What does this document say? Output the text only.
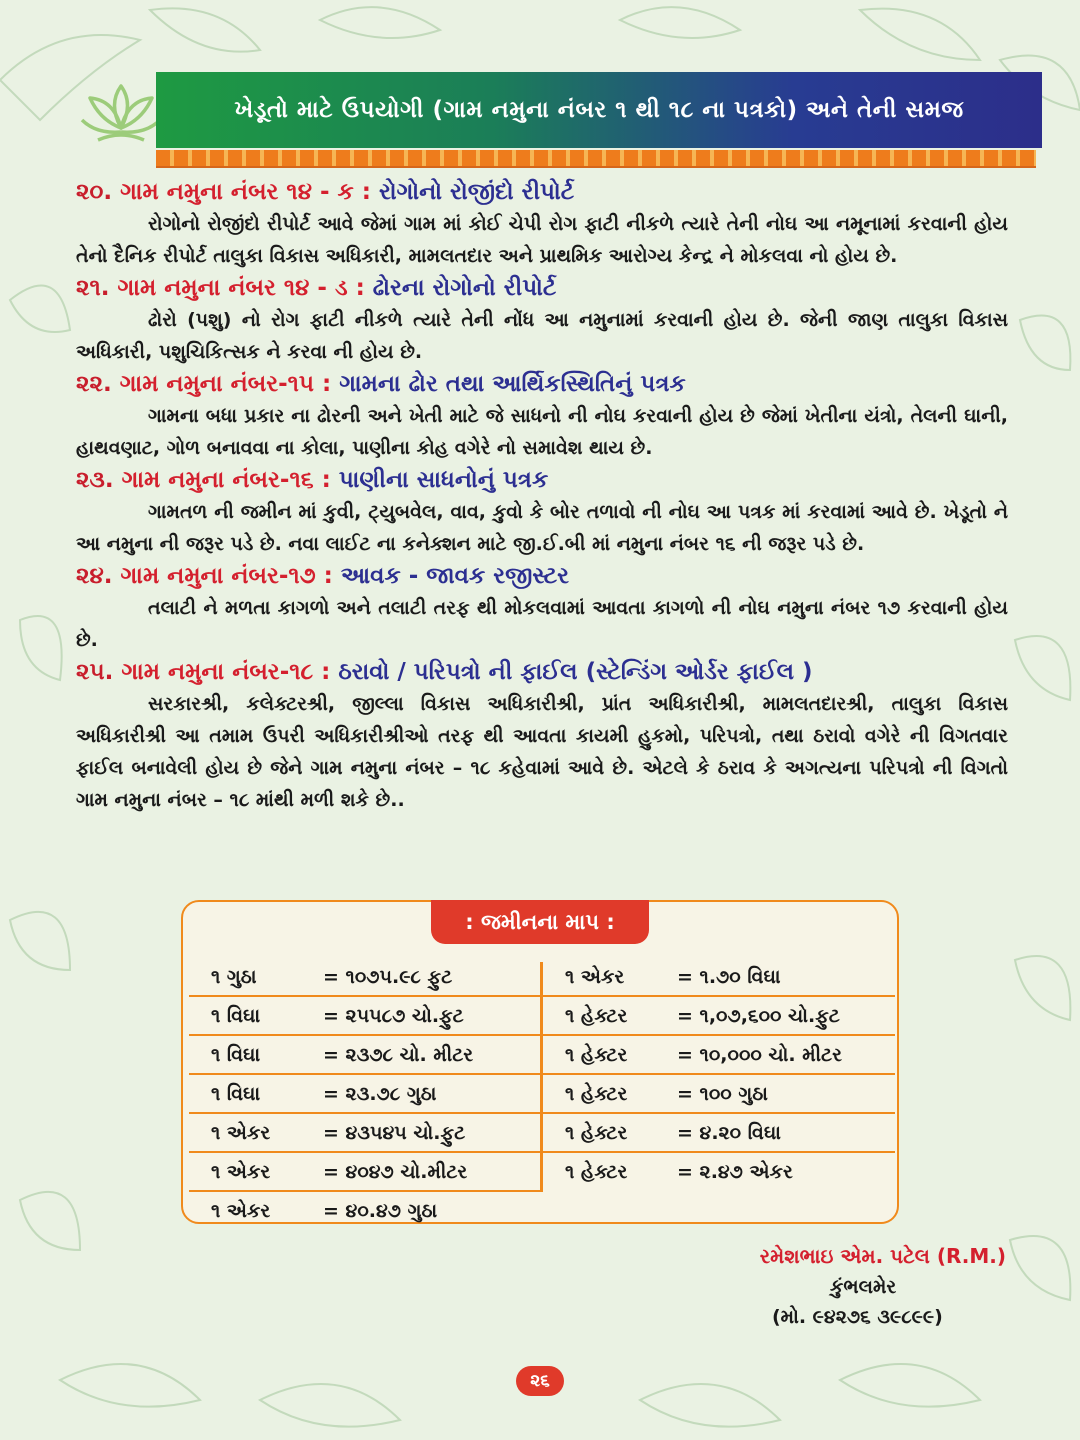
ખેડૂતો માટે ઉપયોગી (ગામ નમુના નંબર ૧ થી ૧૮ ના પત્રકો) અને તેની સમજ

૨૦. ગામ નમુના નંબર ૧૪ - ક : રોગોનો રોજીંદો રીપોર્ટ

રોગોનો રોજીંદો રીપોર્ટ આવે જેમાં ગામ માં કોઈ ચેપી રોગ ફાટી નીકળે ત્યારે તેની નોઘ આ નમૂનામાં કરવાની હોય તેનો દૈનિક રીપોર્ટ તાલુકા વિકાસ અધિકારી, મામલતદાર અને પ્રાથમિક આરોગ્ય કેન્દ્ર ને મોકલવા નો હોય છે.

૨૧. ગામ નમુના નંબર ૧૪ - ડ : ઢોરના રોગોનો રીપોર્ટ

ઢોરો (પશુ) નો રોગ ફાટી નીકળે ત્યારે તેની નોંધ આ નમુનામાં કરવાની હોય છે. જેની જાણ તાલુકા વિકાસ અધિકારી, પશુચિકિત્સક ને કરવા ની હોય છે.

૨૨. ગામ નમુના નંબર-૧૫ : ગામના ઢોર તથા આર્થિકસ્થિતિનું પત્રક

ગામના બધા પ્રકાર ના ઢોરની અને ખેતી માટે જે સાધનો ની નોઘ કરવાની હોય છે જેમાં ખેતીના યંત્રો, તેલની ઘાની, હાથવણાટ, ગોળ બનાવવા ના કોલા, પાણીના કોહ વગેરે નો સમાવેશ થાય છે.

૨૩. ગામ નમુના નંબર-૧૬ : પાણીના સાધનોનું પત્રક

ગામતળ ની જમીન માં કુવી, ટ્યુબવેલ, વાવ, કુવો કે બોર તળાવો ની નોઘ આ પત્રક માં કરવામાં આવે છે. ખેડૂતો ને આ નમુના ની જરૂર પડે છે. નવા લાઈટ ના કનેક્શન માટે જી.ઈ.બી માં નમુના નંબર ૧૬ ની જરૂર પડે છે.

૨૪. ગામ નમુના નંબર-૧૭ : આવક - જાવક રજીસ્ટર

તલાટી ને મળતા કાગળો અને તલાટી તરફ થી મોકલવામાં આવતા કાગળો ની નોઘ નમુના નંબર ૧૭ કરવાની હોય છે.

૨૫. ગામ નમુના નંબર-૧૮ : ઠરાવો / પરિપત્રો ની ફાઈલ (સ્ટેન્ડિંગ ઓર્ડર ફાઈલ )

સરકારશ્રી, કલેક્ટરશ્રી, જીલ્લા વિકાસ અધિકારીશ્રી, પ્રાંત અધિકારીશ્રી, મામલતદારશ્રી, તાલુકા વિકાસ અધિકારીશ્રી આ તમામ ઉપરી અધિકારીશ્રીઓ તરફ થી આવતા કાયમી હુકમો, પરિપત્રો, તથા ઠરાવો વગેરે ની વિગતવાર ફાઈલ બનાવેલી હોય છે જેને ગામ નમુના નંબર – ૧૮ કહેવામાં આવે છે. એટલે કે ઠરાવ કે અગત્યના પરિપત્રો ની વિગતો ગામ નમુના નંબર – ૧૮ માંથી મળી શકે છે..

: જમીનના માપ :
૧ ગુઠા	= ૧૦૭૫.૯૮ ફુટ
૧ વિઘા	= ૨૫૫૮૭ ચો.ફુટ
૧ વિઘા	= ૨૩૭૮ ચો. મીટર
૧ વિઘા	= ૨૩.૭૮ ગુઠા
૧ એકર	= ૪૩૫૪૫ ચો.ફુટ
૧ એકર	= ૪૦૪૭ ચો.મીટર
૧ એકર	= ૪૦.૪૭ ગુઠા
૧ એકર	= ૧.૭૦ વિઘા
૧ હેક્ટર	= ૧,૦૭,૬૦૦ ચો.ફુટ
૧ હેક્ટર	= ૧૦,૦૦૦ ચો. મીટર
૧ હેક્ટર	= ૧૦૦ ગુઠા
૧ હેક્ટર	= ૪.૨૦ વિઘા
૧ હેક્ટર	= ૨.૪૭ એકર
રમેશભાઇ એમ. પટેલ (R.M.)
કુંભલમેર
(મો. ૯૪૨૭૬ ૩૯૮૯૯)
૨૬
